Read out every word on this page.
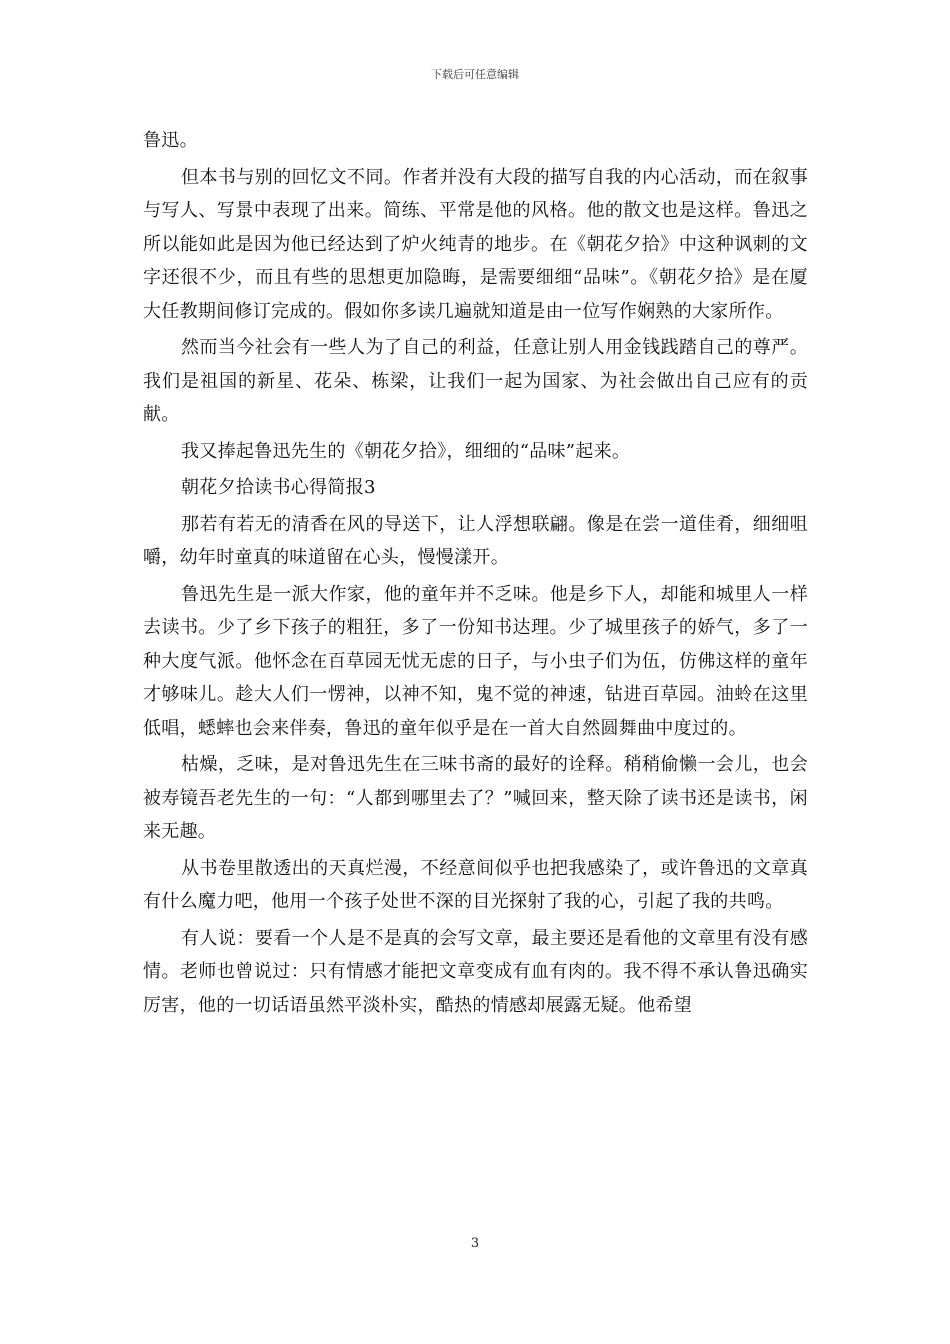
下载后可任意编辑

鲁迅。

但本书与别的回忆文不同。作者并没有大段的描写自我的内心活动，而在叙事与写人、写景中表现了出来。简练、平常是他的风格。他的散文也是这样。鲁迅之所以能如此是因为他已经达到了炉火纯青的地步。在《朝花夕拾》中这种讽刺的文字还很不少，而且有些的思想更加隐晦，是需要细细“品味”。《朝花夕拾》是在厦大任教期间修订完成的。假如你多读几遍就知道是由一位写作娴熟的大家所作。

然而当今社会有一些人为了自己的利益，任意让别人用金钱践踏自己的尊严。我们是祖国的新星、花朵、栋梁，让我们一起为国家、为社会做出自己应有的贡献。

我又捧起鲁迅先生的《朝花夕拾》，细细的“品味”起来。

朝花夕拾读书心得简报3

那若有若无的清香在风的导送下，让人浮想联翩。像是在尝一道佳肴，细细咀嚼，幼年时童真的味道留在心头，慢慢漾开。

鲁迅先生是一派大作家，他的童年并不乏味。他是乡下人，却能和城里人一样去读书。少了乡下孩子的粗狂，多了一份知书达理。少了城里孩子的娇气，多了一种大度气派。他怀念在百草园无忧无虑的日子，与小虫子们为伍，仿佛这样的童年才够味儿。趁大人们一愣神，以神不知，鬼不觉的神速，钻进百草园。油蛉在这里低唱，蟋蟀也会来伴奏，鲁迅的童年似乎是在一首大自然圆舞曲中度过的。

枯燥，乏味，是对鲁迅先生在三味书斋的最好的诠释。稍稍偷懒一会儿，也会被寿镜吾老先生的一句：“人都到哪里去了？”喊回来，整天除了读书还是读书，闲来无趣。

从书卷里散透出的天真烂漫，不经意间似乎也把我感染了，或许鲁迅的文章真有什么魔力吧，他用一个孩子处世不深的目光探射了我的心，引起了我的共鸣。

有人说：要看一个人是不是真的会写文章，最主要还是看他的文章里有没有感情。老师也曾说过：只有情感才能把文章变成有血有肉的。我不得不承认鲁迅确实厉害，他的一切话语虽然平淡朴实，酷热的情感却展露无疑。他希望

3
